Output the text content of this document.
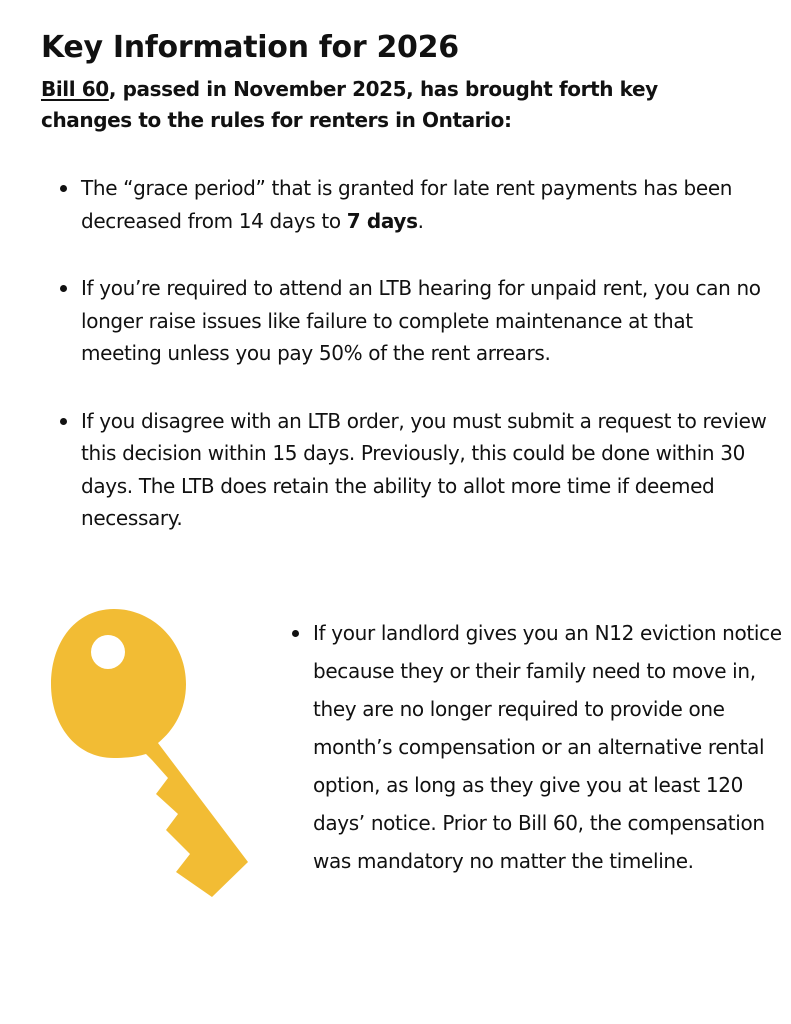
Key Information for 2026

Bill 60, passed in November 2025, has brought forth key changes to the rules for renters in Ontario:

The “grace period” that is granted for late rent payments has been decreased from 14 days to 7 days.
If you’re required to attend an LTB hearing for unpaid rent, you can no longer raise issues like failure to complete maintenance at that meeting unless you pay 50% of the rent arrears.
If you disagree with an LTB order, you must submit a request to review this decision within 15 days. Previously, this could be done within 30 days. The LTB does retain the ability to allot more time if deemed necessary.
If your landlord gives you an N12 eviction notice because they or their family need to move in, they are no longer required to provide one month’s compensation or an alternative rental option, as long as they give you at least 120 days’ notice. Prior to Bill 60, the compensation was mandatory no matter the timeline.
